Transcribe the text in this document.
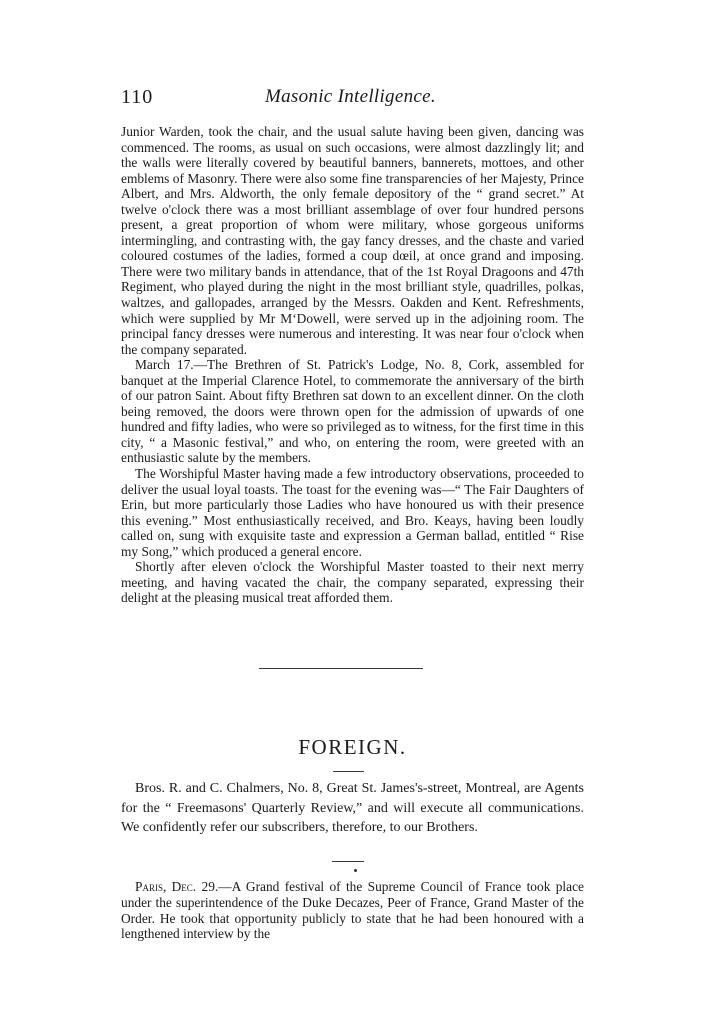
110	Masonic Intelligence.

Junior Warden, took the chair, and the usual salute having been given, dancing was commenced. The rooms, as usual on such occasions, were almost dazzlingly lit; and the walls were literally covered by beautiful banners, bannerets, mottoes, and other emblems of Masonry. There were also some fine transparencies of her Majesty, Prince Albert, and Mrs. Aldworth, the only female depository of the “ grand secret.” At twelve o'clock there was a most brilliant assemblage of over four hundred persons present, a great proportion of whom were military, whose gorgeous uniforms intermingling, and contrasting with, the gay fancy dresses, and the chaste and varied coloured costumes of the ladies, formed a coup dœil, at once grand and imposing. There were two military bands in attendance, that of the 1st Royal Dragoons and 47th Regiment, who played during the night in the most brilliant style, quadrilles, polkas, waltzes, and gallopades, arranged by the Messrs. Oakden and Kent. Refreshments, which were supplied by Mr M‘Dowell, were served up in the adjoining room. The principal fancy dresses were numerous and interesting. It was near four o'clock when the company separated.

March 17.—The Brethren of St. Patrick's Lodge, No. 8, Cork, assembled for banquet at the Imperial Clarence Hotel, to commemorate the anniversary of the birth of our patron Saint. About fifty Brethren sat down to an excellent dinner. On the cloth being removed, the doors were thrown open for the admission of upwards of one hundred and fifty ladies, who were so privileged as to witness, for the first time in this city, “ a Masonic festival,” and who, on entering the room, were greeted with an enthusiastic salute by the members.

The Worshipful Master having made a few introductory observations, proceeded to deliver the usual loyal toasts. The toast for the evening was—“ The Fair Daughters of Erin, but more particularly those Ladies who have honoured us with their presence this evening.” Most enthusiastically received, and Bro. Keays, having been loudly called on, sung with exquisite taste and expression a German ballad, entitled “ Rise my Song,” which produced a general encore.

Shortly after eleven o'clock the Worshipful Master toasted to their next merry meeting, and having vacated the chair, the company separated, expressing their delight at the pleasing musical treat afforded them.

FOREIGN.

Bros. R. and C. Chalmers, No. 8, Great St. James's-street, Montreal, are Agents for the “ Freemasons' Quarterly Review,” and will execute all communications. We confidently refer our subscribers, therefore, to our Brothers.

Paris, Dec. 29.—A Grand festival of the Supreme Council of France took place under the superintendence of the Duke Decazes, Peer of France, Grand Master of the Order. He took that opportunity publicly to state that he had been honoured with a lengthened interview by the
